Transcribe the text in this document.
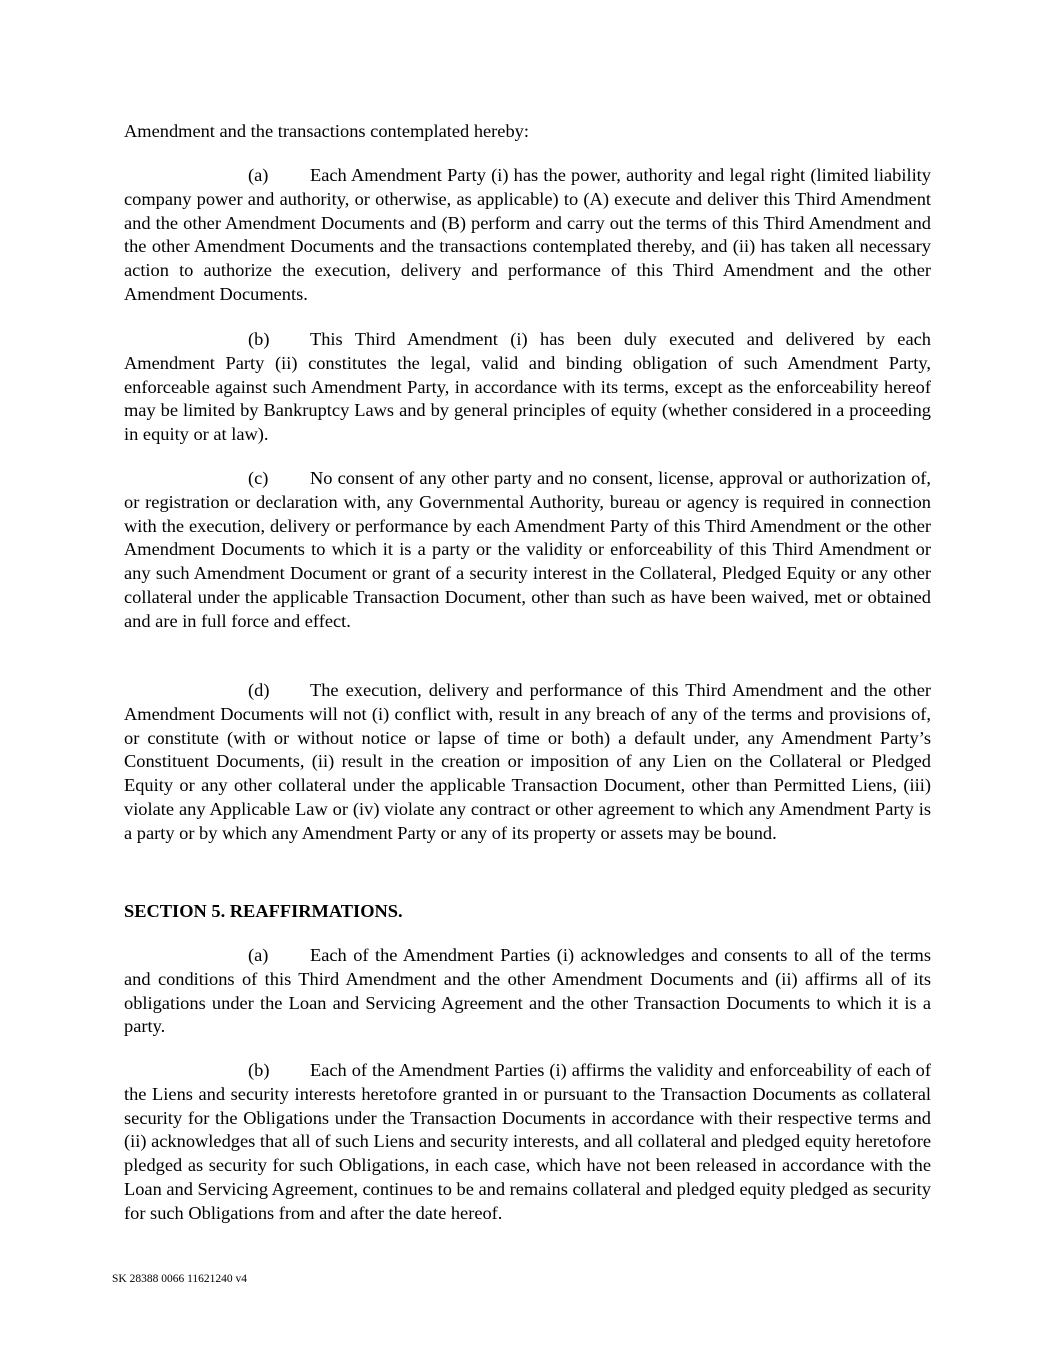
Amendment and the transactions contemplated hereby:

(a) Each Amendment Party (i) has the power, authority and legal right (limited liability company power and authority, or otherwise, as applicable) to (A) execute and deliver this Third Amendment and the other Amendment Documents and (B) perform and carry out the terms of this Third Amendment and the other Amendment Documents and the transactions contemplated thereby, and (ii) has taken all necessary action to authorize the execution, delivery and performance of this Third Amendment and the other Amendment Documents.

(b) This Third Amendment (i) has been duly executed and delivered by each Amendment Party (ii) constitutes the legal, valid and binding obligation of such Amendment Party, enforceable against such Amendment Party, in accordance with its terms, except as the enforceability hereof may be limited by Bankruptcy Laws and by general principles of equity (whether considered in a proceeding in equity or at law).

(c) No consent of any other party and no consent, license, approval or authorization of, or registration or declaration with, any Governmental Authority, bureau or agency is required in connection with the execution, delivery or performance by each Amendment Party of this Third Amendment or the other Amendment Documents to which it is a party or the validity or enforceability of this Third Amendment or any such Amendment Document or grant of a security interest in the Collateral, Pledged Equity or any other collateral under the applicable Transaction Document, other than such as have been waived, met or obtained and are in full force and effect.

(d) The execution, delivery and performance of this Third Amendment and the other Amendment Documents will not (i) conflict with, result in any breach of any of the terms and provisions of, or constitute (with or without notice or lapse of time or both) a default under, any Amendment Party’s Constituent Documents, (ii) result in the creation or imposition of any Lien on the Collateral or Pledged Equity or any other collateral under the applicable Transaction Document, other than Permitted Liens, (iii) violate any Applicable Law or (iv) violate any contract or other agreement to which any Amendment Party is a party or by which any Amendment Party or any of its property or assets may be bound.

SECTION 5. REAFFIRMATIONS.

(a) Each of the Amendment Parties (i) acknowledges and consents to all of the terms and conditions of this Third Amendment and the other Amendment Documents and (ii) affirms all of its obligations under the Loan and Servicing Agreement and the other Transaction Documents to which it is a party.

(b) Each of the Amendment Parties (i) affirms the validity and enforceability of each of the Liens and security interests heretofore granted in or pursuant to the Transaction Documents as collateral security for the Obligations under the Transaction Documents in accordance with their respective terms and (ii) acknowledges that all of such Liens and security interests, and all collateral and pledged equity heretofore pledged as security for such Obligations, in each case, which have not been released in accordance with the Loan and Servicing Agreement, continues to be and remains collateral and pledged equity pledged as security for such Obligations from and after the date hereof.

SK 28388 0066 11621240 v4
